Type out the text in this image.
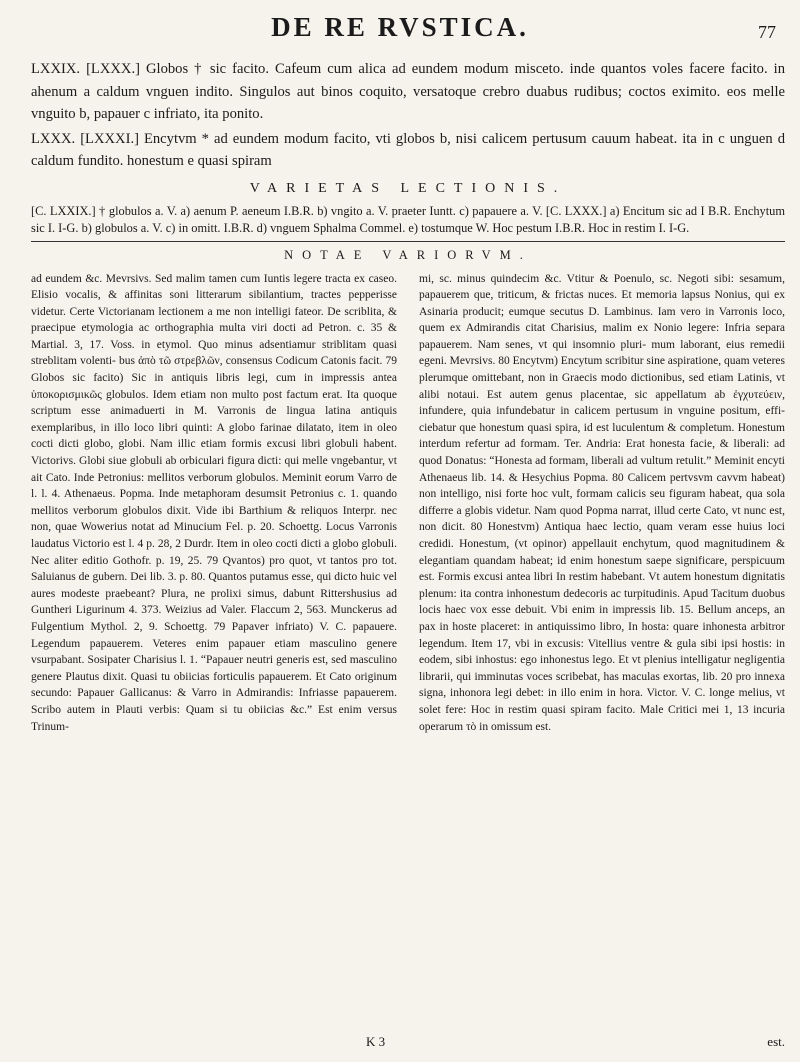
DE RE RVSTICA.	77

LXXIX. [LXXX.] Globos † sic facito. Cafeum cum alica ad eundem modum misceto. inde quantos voles facere facito. in ahenum a caldum vnguen indito. Singulos aut binos coquito, versatoque crebro duabus rudibus; coctos eximito. eos melle vnguito b, papauer c infriato, ita ponito.

LXXX. [LXXXI.] Encytvm * ad eundem modum facito, vti globos b, nisi calicem pertusum cauum habeat. ita in c unguen d caldum fundito. honestum e quasi spiram

VARIETAS LECTIONIS.

[C. LXXIX.] † globulos a. V. a) aenum P. aeneum I.B.R. b) vngito a. V. praeter Iuntt. c) papauere a. V. [C. LXXX.] a) Encitum sic ad I B.R. Enchytum sic I. I-G. b) globulos a. V. c) in omitt. I.B.R. d) vnguem Sphalma Commel. e) tostumque W. Hoc pestum I.B.R. Hoc in restim I. I-G.

NOTAE VARIORVM.

ad eundem &c. Mevrsivs. Sed malim tamen cum Iuntis legere tracta ex caseo. Elisio vocalis, & affinitas soni litterarum sibilantium, tractes pepperisse videtur. Certe Victorianam lectionem a me non intelligi fateor. De scriblita, & praecipue etymologia ac orthographia multa viri docti ad Petron. c. 35 & Martial. 3, 17. Voss. in etymol. Quo minus adsentiamur striblitam quasi streblitam volenti- bus ἀπὸ τῶ στρεβλῶν, consensus Codicum Catonis facit. 79 Globos sic facito) Sic in antiquis libris legi, cum in impressis antea ὑποκορισμικῶς globulos. Idem etiam non multo post factum erat. Ita quoque scriptum esse animaduerti in M. Varronis de lingua latina antiquis exemplaribus, in illo loco libri quinti: A globo farinae dilatato, item in oleo cocti dicti globo, globi. Nam illic etiam formis excusi libri globuli habent. Victorivs. Globi siue globuli ab orbiculari figura dicti: qui melle vngebantur, vt ait Cato. Inde Petronius: mellitos verborum globulos. Meminit eorum Varro de l. l. 4. Athenaeus. Popma. Inde metaphoram desumsit Petronius c. 1. quando mellitos verborum globulos dixit. Vide ibi Barthium & reliquos Interpr. nec non, quae Wowerius notat ad Minucium Fel. p. 20. Schoettg. Locus Varronis laudatus Victorio est l. 4 p. 28, 2 Durdr. Item in oleo cocti dicti a globo globuli. Nec aliter editio Gothofr. p. 19, 25. 79 Qvantos) pro quot, vt tantos pro tot. Saluianus de gubern. Dei lib. 3. p. 80. Quantos putamus esse, qui dicto huic vel aures modeste praebeant? Plura, ne prolixi simus, dabunt Rittershusius ad Guntheri Ligurinum 4. 373. Weizius ad Valer. Flaccum 2, 563. Munckerus ad Fulgentium Mythol. 2, 9. Schoettg. 79 Papaver infriato) V. C. papauere. Legendum papauerem. Veteres enim papauer etiam masculino genere vsurpabant. Sosipater Charisius l. 1. “Papauer neutri generis est, sed masculino genere Plautus dixit. Quasi tu obiicias forticulis papauerem. Et Cato originum secundo: Papauer Gallicanus: & Varro in Admirandis: Infriasse papauerem. Scribo autem in Plauti verbis: Quam si tu obiicias &c.” Est enim versus Trinum-

mi, sc. minus quindecim &c. Vtitur & Poenulo, sc. Negoti sibi: sesamum, papauerem que, triticum, & frictas nuces. Et memoria lapsus Nonius, qui ex Asinaria producit; eumque secutus D. Lambinus. Iam vero in Varronis loco, quem ex Admirandis citat Charisius, malim ex Nonio legere: Infria separa papauerem. Nam senes, vt qui insomnio pluri- mum laborant, eius remedii egeni. Mevrsivs. 80 Encytvm) Encytum scribitur sine aspiratione, quam veteres plerumque omittebant, non in Graecis modo dictionibus, sed etiam Latinis, vt alibi notaui. Est autem genus placentae, sic appellatum ab ἐγχυτεύειν, infundere, quia infundebatur in calicem pertusum in vnguine positum, effi- ciebatur que honestum quasi spira, id est luculentum & completum. Honestum interdum refertur ad formam. Ter. Andria: Erat honesta facie, & liberali: ad quod Donatus: “Honesta ad formam, liberali ad vultum retulit.” Meminit encyti Athenaeus lib. 14. & Hesychius Popma. 80 Calicem pertvsvm cavvm habeat) non intelligo, nisi forte hoc vult, formam calicis seu figuram habeat, qua sola differre a globis videtur. Nam quod Popma narrat, illud certe Cato, vt nunc est, non dicit. 80 Honestvm) Antiqua haec lectio, quam veram esse huius loci credidi. Honestum, (vt opinor) appellauit enchytum, quod magnitudinem & elegantiam quandam habeat; id enim honestum saepe significare, perspicuum est. Formis excusi antea libri In restim habebant. Vt autem honestum dignitatis plenum: ita contra inhonestum dedecoris ac turpitudinis. Apud Tacitum duobus locis haec vox esse debuit. Vbi enim in impressis lib. 15. Bellum anceps, an pax in hoste placeret: in antiquissimo libro, In hosta: quare inhonesta arbitror legendum. Item 17, vbi in excusis: Vitellius ventre & gula sibi ipsi hostis: in eodem, sibi inhostus: ego inhonestus lego. Et vt plenius intelligatur negligentia librarii, qui imminutas voces scribebat, has maculas exortas, lib. 20 pro innexa signa, inhonora legi debet: in illo enim in hora. Victor. V. C. longe melius, vt solet fere: Hoc in restim quasi spiram facito. Male Critici mei 1, 13 incuria operarum τὸ in omissum est.

K 3	est.
